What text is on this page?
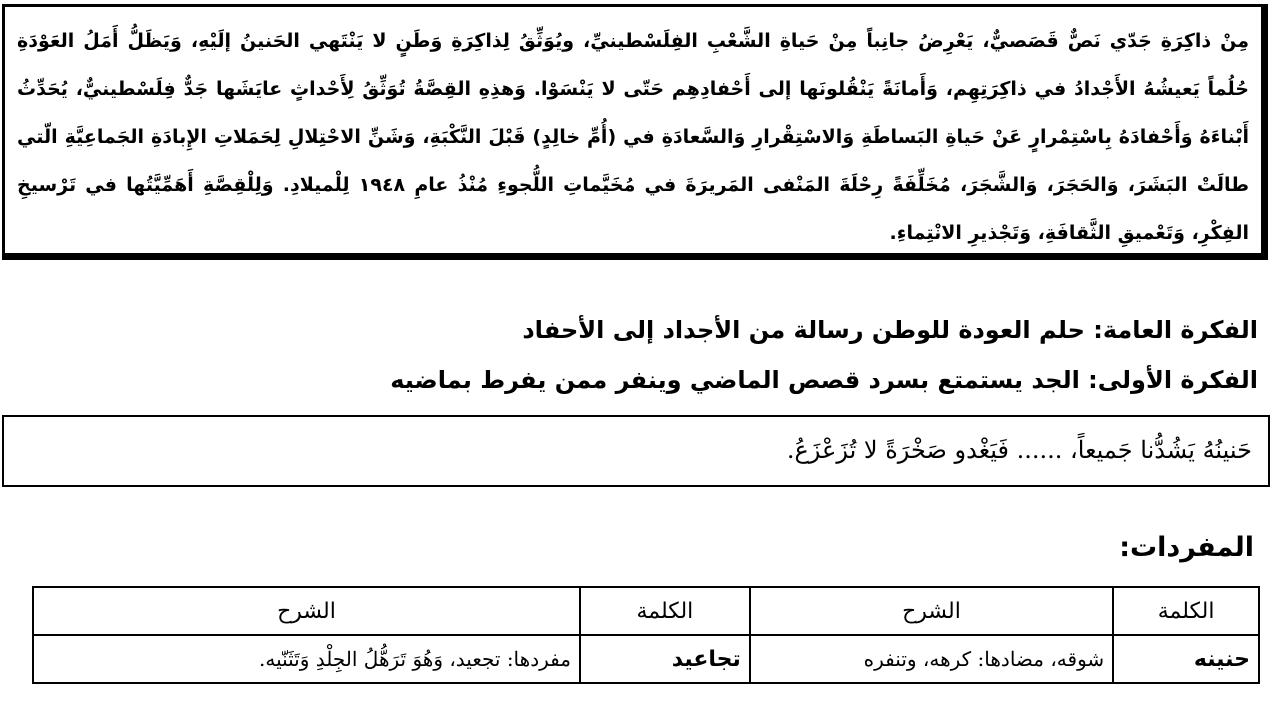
مِنْ ذاكِرَةِ جَدّي نَصٌّ قَصَصيٌّ، يَعْرِضُ جانِباً مِنْ حَياةِ الشَّعْبِ الفِلَسْطينيِّ، ويُوَثِّقُ لِذاكِرَةِ وَطَنٍ لا يَنْتَهي الحَنينُ إلَيْهِ، وَيَظَلُّ أَمَلُ العَوْدَةِ حُلُماً يَعيشُهُ الأَجْدادُ في ذاكِرَتِهِم، وَأَمانَةً يَنْقُلونَها إلى أَحْفادِهِم حَتّى لا يَنْسَوْا. وَهذِهِ القِصَّةُ تُوَثِّقُ لِأَحْداثٍ عايَشَها جَدٌّ فِلَسْطينيٌّ، يُحَدِّثُ أَبْناءَهُ وَأَحْفادَهُ بِاسْتِمْرارٍ عَنْ حَياةِ البَساطَةِ وَالاسْتِقْرارِ وَالسَّعادَةِ في (أُمِّ خالِدٍ) قَبْلَ النَّكْبَةِ، وَشَنِّ الاحْتِلالِ لِحَمَلاتِ الإِبادَةِ الجَماعِيَّةِ الّتي طالَتْ البَشَرَ، وَالحَجَرَ، وَالشَّجَرَ، مُخَلِّفَةً رِحْلَةَ المَنْفى المَريرَةَ في مُخَيَّماتِ اللُّجوءِ مُنْذُ عامِ ١٩٤٨ لِلْميلادِ. وَلِلْقِصَّةِ أَهَمِّيَّتُها في تَرْسيخِ الفِكْرِ، وَتَعْميقِ الثَّقافَةِ، وَتَجْذيرِ الانْتِماءِ.
الفكرة العامة: حلم العودة للوطن رسالة من الأجداد إلى الأحفاد
الفكرة الأولى: الجد يستمتع بسرد قصص الماضي وينفر ممن يفرط بماضيه
حَنينُهُ يَشُدُّنا جَميعاً، ...... فَيَغْدو صَخْرَةً لا تُزَعْزَعُ.
المفردات:
الكلمة	الشرح	الكلمة	الشرح
حنينه	شوقه، مضادها: كرهه، وتنفره	تجاعيد	مفردها: تجعيد، وَهُوَ تَرَهُّلُ الجِلْدِ وَتَثَنّيه.
